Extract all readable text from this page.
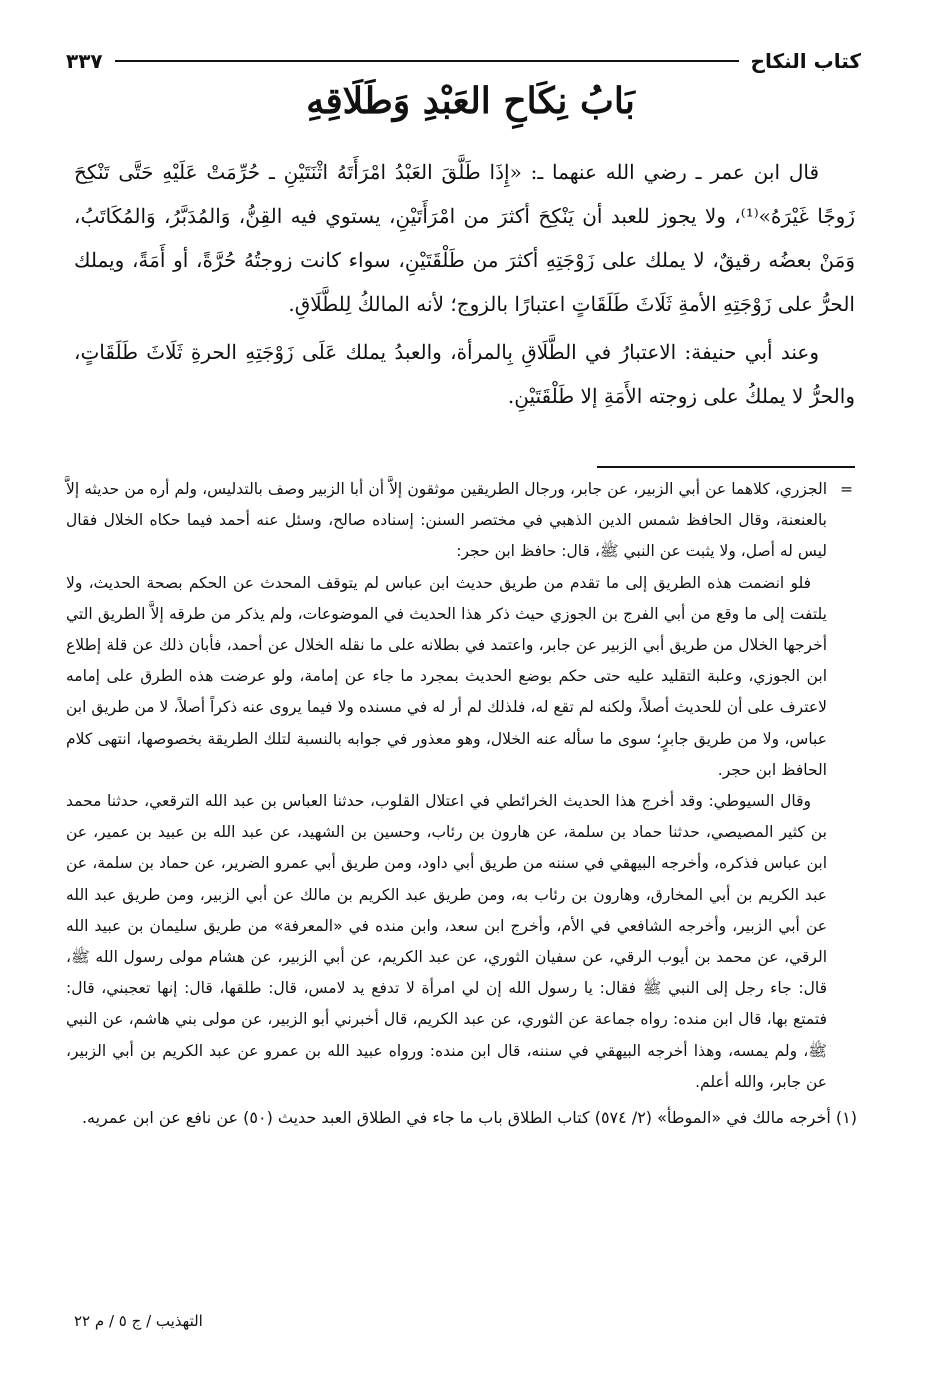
كتاب النكاح
٣٣٧
بَابُ نِكَاحِ العَبْدِ وَطَلَاقِهِ

قال ابن عمر ـ رضي الله عنهما ـ: «إِذَا طَلَّقَ العَبْدُ امْرَأَتَهُ اثْنَتَيْنِ ـ حُرِّمَتْ عَلَيْهِ حَتَّى تَنْكِحَ زَوجًا غَيْرَهُ»⁽¹⁾، ولا يجوز للعبد أن يَنْكِحَ أكثرَ من امْرَأَتَيْنِ، يستوي فيه القِنُّ، وَالمُدَبَّرُ، وَالمُكَاتَبُ، وَمَنْ بعضُه رقيقٌ، لا يملك على زَوْجَتِهِ أكثرَ من طَلْقَتَيْنِ، سواء كانت زوجتُهُ حُرَّةً، أو أَمَةً، ويملك الحرُّ على زَوْجَتِهِ الأمةِ ثَلَاثَ طَلَقَاتٍ اعتبارًا بالزوج؛ لأنه المالكُ لِلطَّلَاقِ.

وعند أبي حنيفة: الاعتبارُ في الطَّلَاقِ بِالمرأة، والعبدُ يملك عَلَى زَوْجَتِهِ الحرةِ ثَلَاثَ طَلَقَاتٍ، والحرُّ لا يملكُ على زوجته الأَمَةِ إلا طَلْقَتَيْنِ.

=
الجزري، كلاهما عن أبي الزبير، عن جابر، ورجال الطريقين موثقون إلاَّ أن أبا الزبير وصف بالتدليس، ولم أره من حديثه إلاَّ بالعنعنة، وقال الحافظ شمس الدين الذهبي في مختصر السنن: إسناده صالح، وسئل عنه أحمد فيما حكاه الخلال فقال ليس له أصل، ولا يثبت عن النبي ﷺ، قال: حافظ ابن حجر:

فلو انضمت هذه الطريق إلى ما تقدم من طريق حديث ابن عباس لم يتوقف المحدث عن الحكم بصحة الحديث، ولا يلتفت إلى ما وقع من أبي الفرج بن الجوزي حيث ذكر هذا الحديث في الموضوعات، ولم يذكر من طرقه إلاَّ الطريق التي أخرجها الخلال من طريق أبي الزبير عن جابر، واعتمد في بطلانه على ما نقله الخلال عن أحمد، فأبان ذلك عن قلة إطلاع ابن الجوزي، وعلبة التقليد عليه حتى حكم بوضع الحديث بمجرد ما جاء عن إمامة، ولو عرضت هذه الطرق على إمامه لاعترف على أن للحديث أصلاً، ولكنه لم تقع له، فلذلك لم أر له في مسنده ولا فيما يروى عنه ذكراً أصلاً، لا من طريق ابن عباس، ولا من طريق جابرٍ؛ سوى ما سأله عنه الخلال، وهو معذور في جوابه بالنسبة لتلك الطريقة بخصوصها، انتهى كلام الحافظ ابن حجر.

وقال السيوطي: وقد أخرج هذا الحديث الخرائطي في اعتلال القلوب، حدثنا العباس بن عبد الله الترقعي، حدثنا محمد بن كثير المصيصي، حدثنا حماد بن سلمة، عن هارون بن رئاب، وحسين بن الشهيد، عن عبد الله بن عبيد بن عمير، عن ابن عباس فذكره، وأخرجه البيهقي في سننه من طريق أبي داود، ومن طريق أبي عمرو الضرير، عن حماد بن سلمة، عن عبد الكريم بن أبي المخارق، وهارون بن رئاب به، ومن طريق عبد الكريم بن مالك عن أبي الزبير، ومن طريق عبد الله عن أبي الزبير، وأخرجه الشافعي في الأم، وأخرج ابن سعد، وابن منده في «المعرفة» من طريق سليمان بن عبيد الله الرقي، عن محمد بن أيوب الرقي، عن سفيان الثوري، عن عبد الكريم، عن أبي الزبير، عن هشام مولى رسول الله ﷺ، قال: جاء رجل إلى النبي ﷺ فقال: يا رسول الله إن لي امرأة لا تدفع يد لامس، قال: طلقها، قال: إنها تعجبني، قال: فتمتع بها، قال ابن منده: رواه جماعة عن الثوري، عن عبد الكريم، قال أخبرني أبو الزبير، عن مولى بني هاشم، عن النبي ﷺ، ولم يمسه، وهذا أخرجه البيهقي في سننه، قال ابن منده: ورواه عبيد الله بن عمرو عن عبد الكريم بن أبي الزبير، عن جابر، والله أعلم.

(١) أخرجه مالك في «الموطأ» (٢/ ٥٧٤) كتاب الطلاق باب ما جاء في الطلاق العبد حديث (٥٠) عن نافع عن ابن عمريه.

التهذيب / ج ٥ / م ٢٢
